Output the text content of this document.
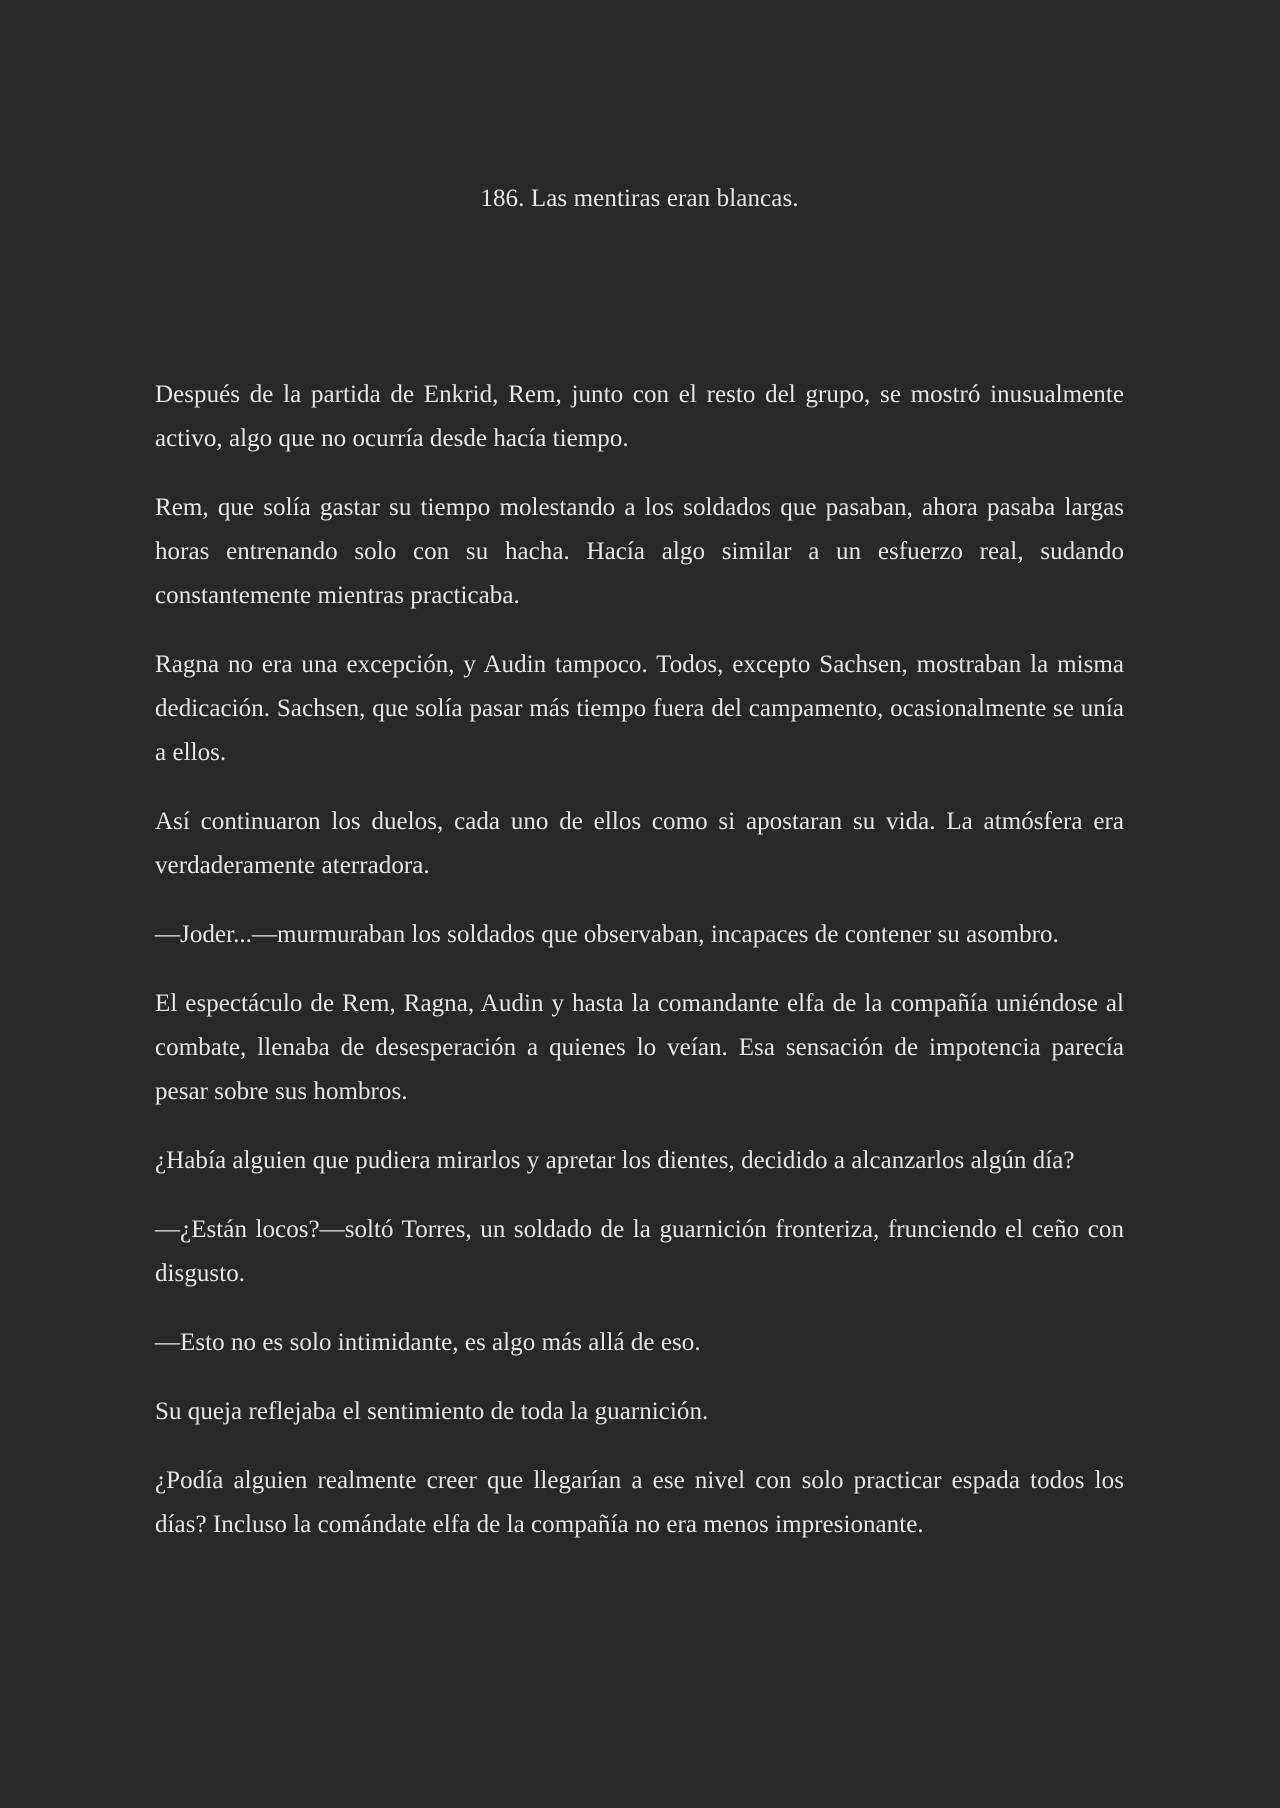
186. Las mentiras eran blancas.

Después de la partida de Enkrid, Rem, junto con el resto del grupo, se mostró inusualmente activo, algo que no ocurría desde hacía tiempo.

Rem, que solía gastar su tiempo molestando a los soldados que pasaban, ahora pasaba largas horas entrenando solo con su hacha. Hacía algo similar a un esfuerzo real, sudando constantemente mientras practicaba.

Ragna no era una excepción, y Audin tampoco. Todos, excepto Sachsen, mostraban la misma dedicación. Sachsen, que solía pasar más tiempo fuera del campamento, ocasionalmente se unía a ellos.

Así continuaron los duelos, cada uno de ellos como si apostaran su vida. La atmósfera era verdaderamente aterradora.

—Joder...—murmuraban los soldados que observaban, incapaces de contener su asombro.

El espectáculo de Rem, Ragna, Audin y hasta la comandante elfa de la compañía uniéndose al combate, llenaba de desesperación a quienes lo veían. Esa sensación de impotencia parecía pesar sobre sus hombros.

¿Había alguien que pudiera mirarlos y apretar los dientes, decidido a alcanzarlos algún día?

—¿Están locos?—soltó Torres, un soldado de la guarnición fronteriza, frunciendo el ceño con disgusto.

—Esto no es solo intimidante, es algo más allá de eso.

Su queja reflejaba el sentimiento de toda la guarnición.

¿Podía alguien realmente creer que llegarían a ese nivel con solo practicar espada todos los días? Incluso la comándate elfa de la compañía no era menos impresionante.
